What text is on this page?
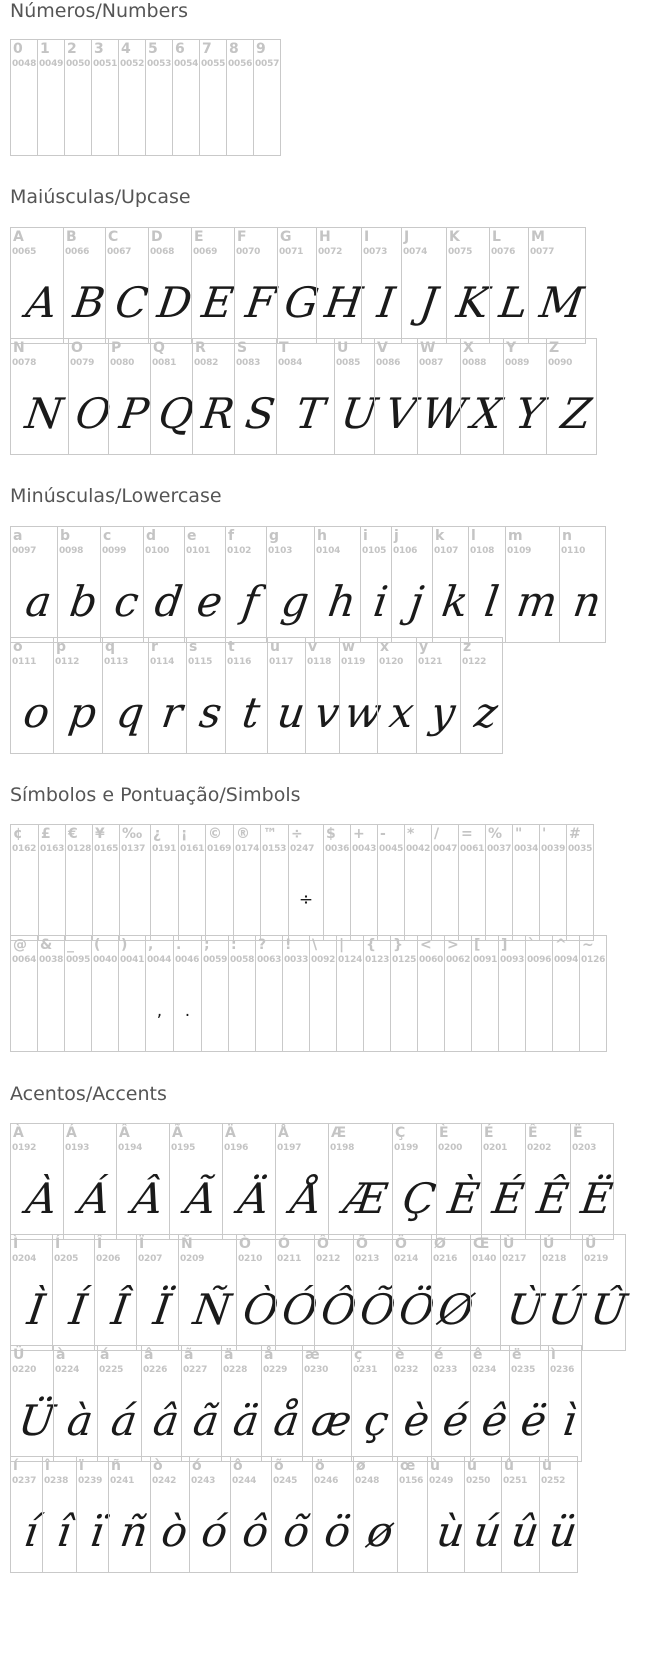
Números/Numbers
0
0048
1
0049
2
0050
3
0051
4
0052
5
0053
6
0054
7
0055
8
0056
9
0057
Maiúsculas/Upcase
A
0065
A
B
0066
B
C
0067
C
D
0068
D
E
0069
E
F
0070
F
G
0071
G
H
0072
H
I
0073
I
J
0074
J
K
0075
K
L
0076
L
M
0077
M
N
0078
N
O
0079
O
P
0080
P
Q
0081
Q
R
0082
R
S
0083
S
T
0084
T
U
0085
U
V
0086
V
W
0087
W
X
0088
X
Y
0089
Y
Z
0090
Z
Minúsculas/Lowercase
a
0097
a
b
0098
b
c
0099
c
d
0100
d
e
0101
e
f
0102
f
g
0103
g
h
0104
h
i
0105
i
j
0106
j
k
0107
k
l
0108
l
m
0109
m
n
0110
n
o
0111
o
p
0112
p
q
0113
q
r
0114
r
s
0115
s
t
0116
t
u
0117
u
v
0118
v
w
0119
w
x
0120
x
y
0121
y
z
0122
z
Símbolos e Pontuação/Simbols
¢
0162
£
0163
€
0128
¥
0165
‰
0137
¿
0191
¡
0161
©
0169
®
0174
™
0153
÷
0247
÷
$
0036
+
0043
-
0045
*
0042
/
0047
=
0061
%
0037
"
0034
'
0039
#
0035
@
0064
&
0038
_
0095
(
0040
)
0041
,
0044
,
.
0046
.
;
0059
:
0058
?
0063
!
0033
\
0092
|
0124
{
0123
}
0125
<
0060
>
0062
[
0091
]
0093
`
0096
^
0094
~
0126
Acentos/Accents
À
0192
À
Á
0193
Á
Â
0194
Â
Ã
0195
Ã
Ä
0196
Ä
Å
0197
Å
Æ
0198
Æ
Ç
0199
Ç
È
0200
È
É
0201
É
Ê
0202
Ê
Ë
0203
Ë
Ì
0204
Ì
Í
0205
Í
Î
0206
Î
Ï
0207
Ï
Ñ
0209
Ñ
Ò
0210
Ò
Ó
0211
Ó
Ô
0212
Ô
Õ
0213
Õ
Ö
0214
Ö
Ø
0216
Ø
Œ
0140
Ù
0217
Ù
Ú
0218
Ú
Û
0219
Û
Ü
0220
Ü
à
0224
à
á
0225
á
â
0226
â
ã
0227
ã
ä
0228
ä
å
0229
å
æ
0230
æ
ç
0231
ç
è
0232
è
é
0233
é
ê
0234
ê
ë
0235
ë
ì
0236
ì
í
0237
í
î
0238
î
ï
0239
ï
ñ
0241
ñ
ò
0242
ò
ó
0243
ó
ô
0244
ô
õ
0245
õ
ö
0246
ö
ø
0248
ø
œ
0156
ù
0249
ù
ú
0250
ú
û
0251
û
ü
0252
ü
